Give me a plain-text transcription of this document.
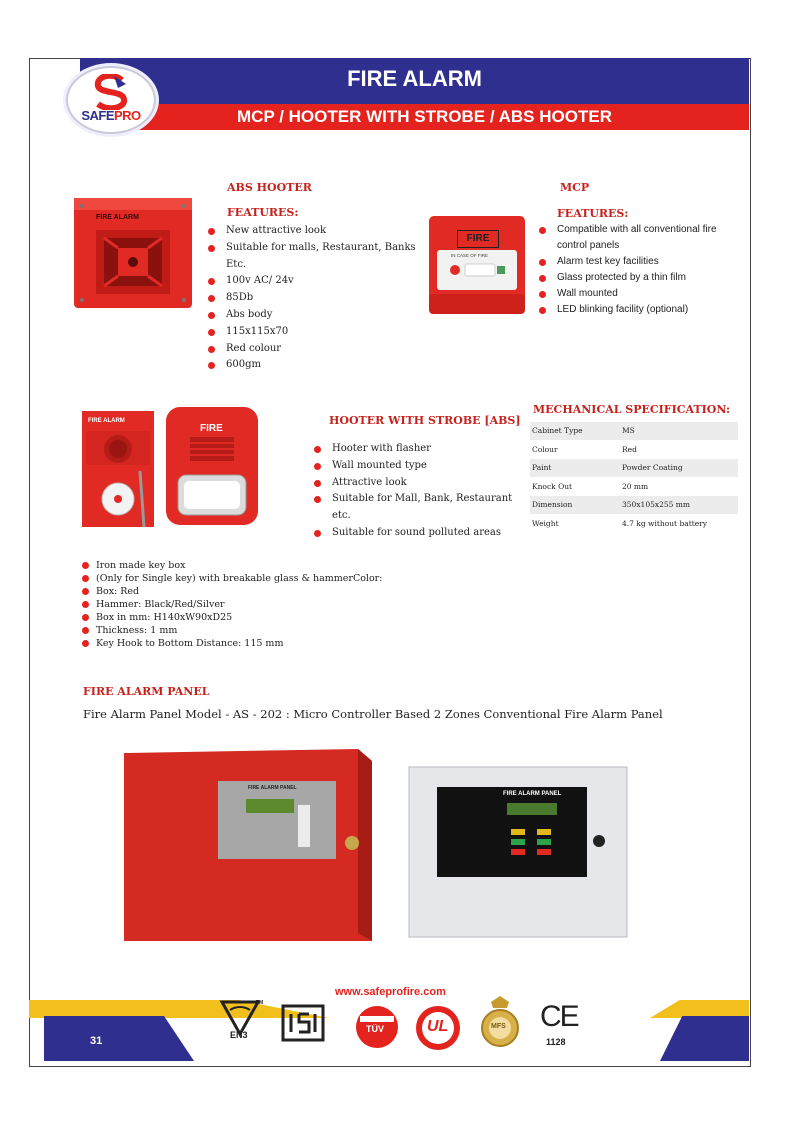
FIRE ALARM
MCP / HOOTER WITH STROBE / ABS HOOTER
SAFEPRO
FIRE ALARM
ABS HOOTER
FEATURES:
New attractive look
Suitable for malls, Restaurant, Banks Etc.
100v AC/ 24v
85Db
Abs body
115x115x70
Red colour
600gm
FIRE
IN CASE OF FIRE
MCP
FEATURES:
Compatible with all conventional fire control panels
Alarm test key facilities
Glass protected by a thin film
Wall mounted
LED blinking facility (optional)
FIRE ALARM
FIRE
HOOTER WITH STROBE [ABS]
Hooter with flasher
Wall mounted type
Attractive look
Suitable for Mall, Bank, Restaurant etc.
Suitable for sound polluted areas
MECHANICAL SPECIFICATION:
Cabinet Type	MS
Colour	Red
Paint	Powder Coating
Knock Out	20 mm
Dimension	350x105x255 mm
Weight	4.7 kg without battery
Iron made key box
(Only for Single key) with breakable glass & hammerColor:
Box: Red
Hammer: Black/Red/Silver
Box in mm: H140xW90xD25
Thickness: 1 mm
Key Hook to Bottom Distance: 115 mm
FIRE ALARM PANEL
Fire Alarm Panel Model - AS - 202 : Micro Controller Based 2 Zones Conventional Fire Alarm Panel
FIRE ALARM PANEL
FIRE ALARM PANEL
www.safeprofire.com
31	EN3
TM
TÜV	UL	MFS CE
1128
